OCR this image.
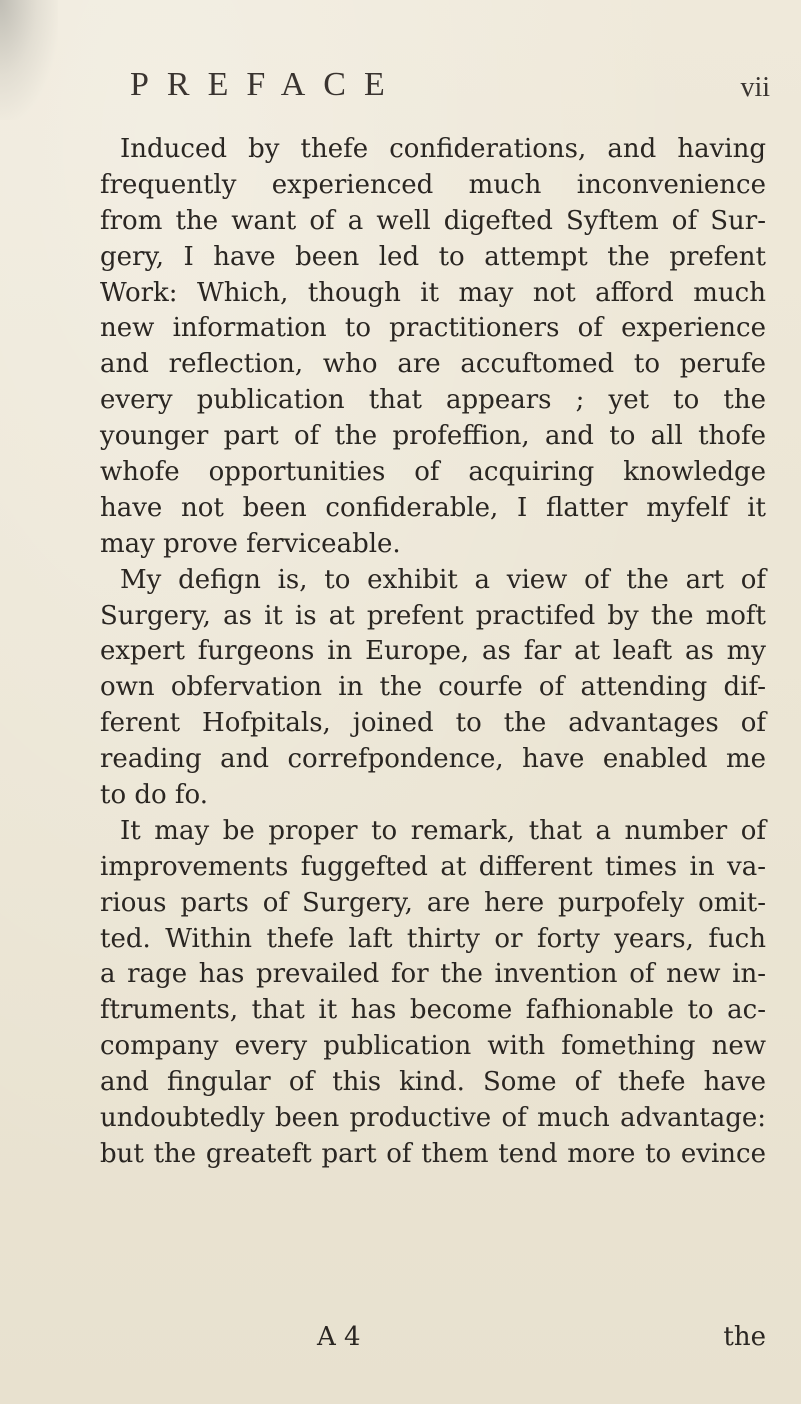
PREFACE	vii
Induced by thefe confiderations, and having
frequently experienced much inconvenience
from the want of a well digefted Syftem of Sur-
gery, I have been led to attempt the prefent
Work: Which, though it may not afford much
new information to practitioners of experience
and reflection, who are accuftomed to perufe
every publication that appears ; yet to the
younger part of the profeffion, and to all thofe
whofe opportunities of acquiring knowledge
have not been confiderable, I flatter myfelf it
may prove ferviceable.
My defign is, to exhibit a view of the art of
Surgery, as it is at prefent practifed by the moft
expert furgeons in Europe, as far at leaft as my
own obfervation in the courfe of attending dif-
ferent Hofpitals, joined to the advantages of
reading and correfpondence, have enabled me
to do fo.
It may be proper to remark, that a number of
improvements fuggefted at different times in va-
rious parts of Surgery, are here purpofely omit-
ted. Within thefe laft thirty or forty years, fuch
a rage has prevailed for the invention of new in-
ftruments, that it has become fafhionable to ac-
company every publication with fomething new
and fingular of this kind. Some of thefe have
undoubtedly been productive of much advantage:
but the greateft part of them tend more to evince
A 4	the
